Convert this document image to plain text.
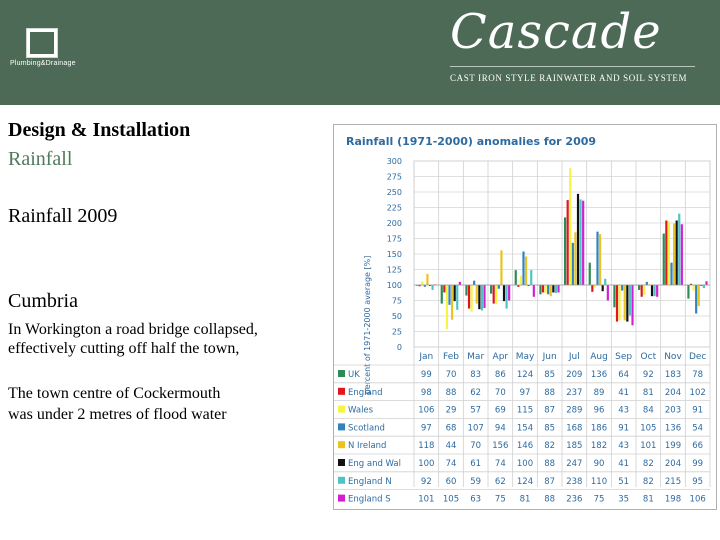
Plumbing&Drainage
Cascade
CAST IRON STYLE RAINWATER AND SOIL SYSTEM
Design & Installation
Rainfall
Rainfall 2009
Cumbria
In Workington a road bridge collapsed,
effectively cutting off half the town,
The town centre of Cockermouth
was under 2 metres of flood water
Rainfall (1971-2000) anomalies for 2009
percent of 1971-2000 average [%]	0
25
50
75
100
125
150
175
200
225
250
275
300
Jan Feb Mar Apr May Jun Jul Aug Sep Oct Nov Dec
UK	99 70 83 86 124 85 209 136 64 92 183 78
England	98 88 62 70 97 88 237 89 41 81 204 102
Wales	106 29 57 69 115 87 289 96 43 84 203 91
Scotland	97 68 107 94 154 85 168 186 91 105 136 54
N Ireland	118 44 70 156 146 82 185 182 43 101 199 66
Eng and Wal 100 74 61 74 100 88 247 90 41 82 204 99
England N	92 60 59 62 124 87 238 110 51 82 215 95
England S	101 105 63 75 81 88 236 75 35 81 198 106
